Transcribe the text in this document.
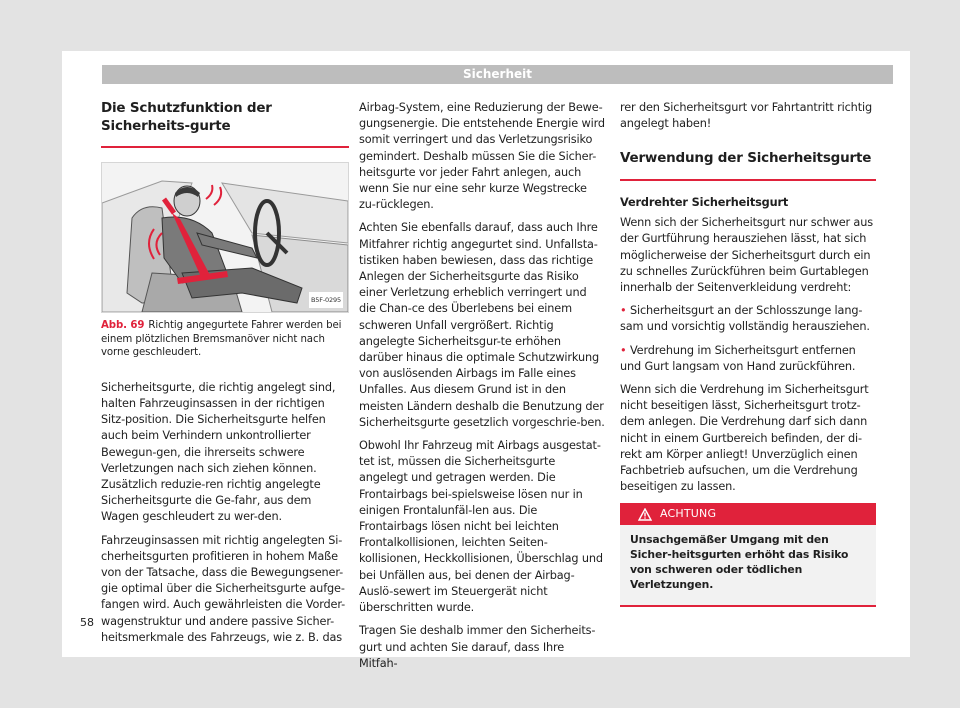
Sicherheit
Die Schutzfunktion der Sicherheits-gurte
B5F-0295
Abb. 69 Richtig angegurtete Fahrer werden bei einem plötzlichen Bremsmanöver nicht nach vorne geschleudert.

Sicherheitsgurte, die richtig angelegt sind, halten Fahrzeuginsassen in der richtigen Sitz-position. Die Sicherheitsgurte helfen auch beim Verhindern unkontrollierter Bewegun-gen, die ihrerseits schwere Verletzungen nach sich ziehen können. Zusätzlich reduzie-ren richtig angelegte Sicherheitsgurte die Ge-fahr, aus dem Wagen geschleudert zu wer-den.

Fahrzeuginsassen mit richtig angelegten Si-cherheitsgurten profitieren in hohem Maße von der Tatsache, dass die Bewegungsener-gie optimal über die Sicherheitsgurte aufge-fangen wird. Auch gewährleisten die Vorder-wagenstruktur und andere passive Sicher-heitsmerkmale des Fahrzeugs, wie z. B. das

Airbag-System, eine Reduzierung der Bewe-gungsenergie. Die entstehende Energie wird somit verringert und das Verletzungsrisiko gemindert. Deshalb müssen Sie die Sicher-heitsgurte vor jeder Fahrt anlegen, auch wenn Sie nur eine sehr kurze Wegstrecke zu-rücklegen.

Achten Sie ebenfalls darauf, dass auch Ihre Mitfahrer richtig angegurtet sind. Unfallsta-tistiken haben bewiesen, dass das richtige Anlegen der Sicherheitsgurte das Risiko einer Verletzung erheblich verringert und die Chan-ce des Überlebens bei einem schweren Unfall vergrößert. Richtig angelegte Sicherheitsgur-te erhöhen darüber hinaus die optimale Schutzwirkung von auslösenden Airbags im Falle eines Unfalles. Aus diesem Grund ist in den meisten Ländern deshalb die Benutzung der Sicherheitsgurte gesetzlich vorgeschrie-ben.

Obwohl Ihr Fahrzeug mit Airbags ausgestat-tet ist, müssen die Sicherheitsgurte angelegt und getragen werden. Die Frontairbags bei-spielsweise lösen nur in einigen Frontalunfäl-len aus. Die Frontairbags lösen nicht bei leichten Frontalkollisionen, leichten Seiten-kollisionen, Heckkollisionen, Überschlag und bei Unfällen aus, bei denen der Airbag-Auslö-sewert im Steuergerät nicht überschritten wurde.

Tragen Sie deshalb immer den Sicherheits-gurt und achten Sie darauf, dass Ihre Mitfah-

rer den Sicherheitsgurt vor Fahrtantritt richtig angelegt haben!

Verwendung der Sicherheitsgurte
Verdrehter Sicherheitsgurt

Wenn sich der Sicherheitsgurt nur schwer aus der Gurtführung herausziehen lässt, hat sich möglicherweise der Sicherheitsgurt durch ein zu schnelles Zurückführen beim Gurtablegen innerhalb der Seitenverkleidung verdreht:

• Sicherheitsgurt an der Schlosszunge lang-sam und vorsichtig vollständig herausziehen.

• Verdrehung im Sicherheitsgurt entfernen und Gurt langsam von Hand zurückführen.

Wenn sich die Verdrehung im Sicherheitsgurt nicht beseitigen lässt, Sicherheitsgurt trotz-dem anlegen. Die Verdrehung darf sich dann nicht in einem Gurtbereich befinden, der di-rekt am Körper anliegt! Unverzüglich einen Fachbetrieb aufsuchen, um die Verdrehung beseitigen zu lassen.

ACHTUNG
Unsachgemäßer Umgang mit den Sicher-heitsgurten erhöht das Risiko von schweren oder tödlichen Verletzungen.
58
